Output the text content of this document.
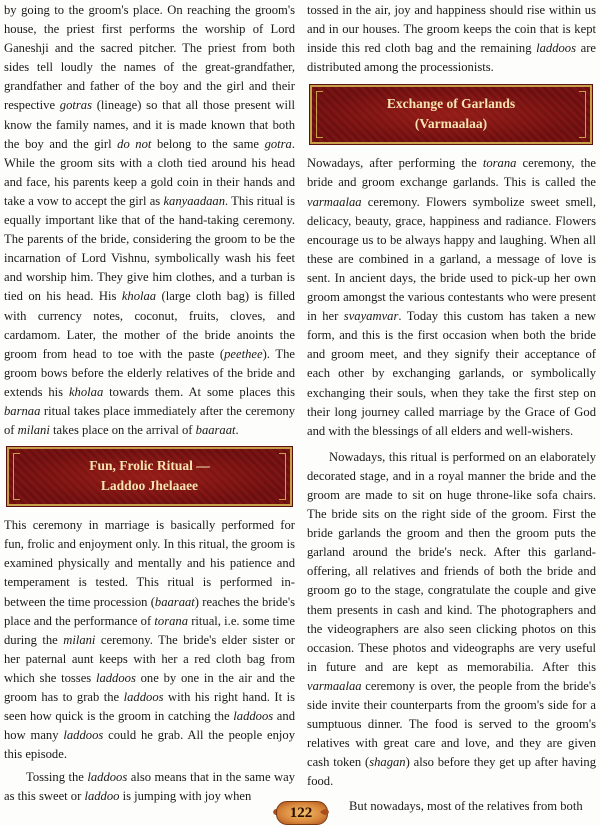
by going to the groom's place. On reaching the groom's house, the priest first performs the worship of Lord Ganeshji and the sacred pitcher. The priest from both sides tell loudly the names of the great-grandfather, grandfather and father of the boy and the girl and their respective gotras (lineage) so that all those present will know the family names, and it is made known that both the boy and the girl do not belong to the same gotra. While the groom sits with a cloth tied around his head and face, his parents keep a gold coin in their hands and take a vow to accept the girl as kanyaadaan. This ritual is equally important like that of the hand-taking ceremony. The parents of the bride, considering the groom to be the incarnation of Lord Vishnu, symbolically wash his feet and worship him. They give him clothes, and a turban is tied on his head. His kholaa (large cloth bag) is filled with currency notes, coconut, fruits, cloves, and cardamom. Later, the mother of the bride anoints the groom from head to toe with the paste (peethee). The groom bows before the elderly relatives of the bride and extends his kholaa towards them. At some places this barnaa ritual takes place immediately after the ceremony of milani takes place on the arrival of baaraat.

Fun, Frolic Ritual —
Laddoo Jhelaaee

This ceremony in marriage is basically performed for fun, frolic and enjoyment only. In this ritual, the groom is examined physically and mentally and his patience and temperament is tested. This ritual is performed in-between the time procession (baaraat) reaches the bride's place and the performance of torana ritual, i.e. some time during the milani ceremony. The bride's elder sister or her paternal aunt keeps with her a red cloth bag from which she tosses laddoos one by one in the air and the groom has to grab the laddoos with his right hand. It is seen how quick is the groom in catching the laddoos and how many laddoos could he grab. All the people enjoy this episode.

Tossing the laddoos also means that in the same way as this sweet or laddoo is jumping with joy when

tossed in the air, joy and happiness should rise within us and in our houses. The groom keeps the coin that is kept inside this red cloth bag and the remaining laddoos are distributed among the processionists.

Exchange of Garlands
(Varmaalaa)

Nowadays, after performing the torana ceremony, the bride and groom exchange garlands. This is called the varmaalaa ceremony. Flowers symbolize sweet smell, delicacy, beauty, grace, happiness and radiance. Flowers encourage us to be always happy and laughing. When all these are combined in a garland, a message of love is sent. In ancient days, the bride used to pick-up her own groom amongst the various contestants who were present in her svayamvar. Today this custom has taken a new form, and this is the first occasion when both the bride and groom meet, and they signify their acceptance of each other by exchanging garlands, or symbolically exchanging their souls, when they take the first step on their long journey called marriage by the Grace of God and with the blessings of all elders and well-wishers.

Nowadays, this ritual is performed on an elaborately decorated stage, and in a royal manner the bride and the groom are made to sit on huge throne-like sofa chairs. The bride sits on the right side of the groom. First the bride garlands the groom and then the groom puts the garland around the bride's neck. After this garland-offering, all relatives and friends of both the bride and groom go to the stage, congratulate the couple and give them presents in cash and kind. The photographers and the videographers are also seen clicking photos on this occasion. These photos and videographs are very useful in future and are kept as memorabilia. After this varmaalaa ceremony is over, the people from the bride's side invite their counterparts from the groom's side for a sumptuous dinner. The food is served to the groom's relatives with great care and love, and they are given cash token (shagan) also before they get up after having food.

But nowadays, most of the relatives from both

122
